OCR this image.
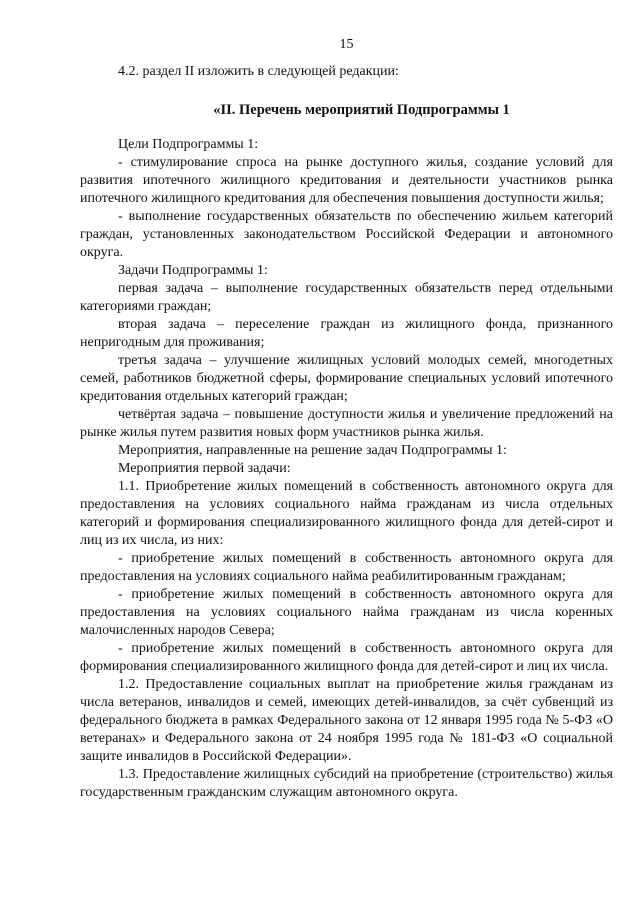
15

4.2. раздел II изложить в следующей редакции:

«II. Перечень мероприятий Подпрограммы 1

Цели Подпрограммы 1:

- стимулирование спроса на рынке доступного жилья, создание условий для развития ипотечного жилищного кредитования и деятельности участников рынка ипотечного жилищного кредитования для обеспечения повышения доступности жилья;

- выполнение государственных обязательств по обеспечению жильем категорий граждан, установленных законодательством Российской Федерации и автономного округа.

Задачи Подпрограммы 1:

первая задача – выполнение государственных обязательств перед отдельными категориями граждан;

вторая задача – переселение граждан из жилищного фонда, признанного непригодным для проживания;

третья задача – улучшение жилищных условий молодых семей, многодетных семей, работников бюджетной сферы, формирование специальных условий ипотечного кредитования отдельных категорий граждан;

четвёртая задача – повышение доступности жилья и увеличение предложений на рынке жилья путем развития новых форм участников рынка жилья.

Мероприятия, направленные на решение задач Подпрограммы 1:

Мероприятия первой задачи:

1.1. Приобретение жилых помещений в собственность автономного округа для предоставления на условиях социального найма гражданам из числа отдельных категорий и формирования специализированного жилищного фонда для детей-сирот и лиц из их числа, из них:

- приобретение жилых помещений в собственность автономного округа для предоставления на условиях социального найма реабилитированным гражданам;

- приобретение жилых помещений в собственность автономного округа для предоставления на условиях социального найма гражданам из числа коренных малочисленных народов Севера;

- приобретение жилых помещений в собственность автономного округа для формирования специализированного жилищного фонда для детей-сирот и лиц их числа.

1.2. Предоставление социальных выплат на приобретение жилья гражданам из числа ветеранов, инвалидов и семей, имеющих детей-инвалидов, за счёт субвенций из федерального бюджета в рамках Федерального закона от 12 января 1995 года № 5-ФЗ «О ветеранах» и Федерального закона от 24 ноября 1995 года № 181-ФЗ «О социальной защите инвалидов в Российской Федерации».

1.3. Предоставление жилищных субсидий на приобретение (строительство) жилья государственным гражданским служащим автономного округа.
